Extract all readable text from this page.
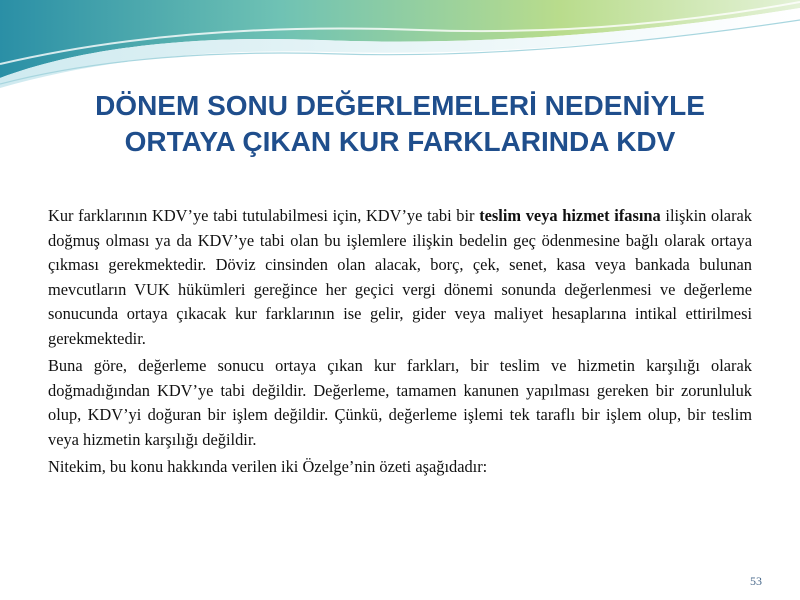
DÖNEM SONU DEĞERLEMELERİ NEDENİYLE
ORTAYA ÇIKAN KUR FARKLARINDA KDV

Kur farklarının KDV’ye tabi tutulabilmesi için, KDV’ye tabi bir teslim veya hizmet ifasına ilişkin olarak doğmuş olması ya da KDV’ye tabi olan bu işlemlere ilişkin bedelin geç ödenmesine bağlı olarak ortaya çıkması gerekmektedir. Döviz cinsinden olan alacak, borç, çek, senet, kasa veya bankada bulunan mevcutların VUK hükümleri gereğince her geçici vergi dönemi sonunda değerlenmesi ve değerleme sonucunda ortaya çıkacak kur farklarının ise gelir, gider veya maliyet hesaplarına intikal ettirilmesi gerekmektedir.

Buna göre, değerleme sonucu ortaya çıkan kur farkları, bir teslim ve hizmetin karşılığı olarak doğmadığından KDV’ye tabi değildir. Değerleme, tamamen kanunen yapılması gereken bir zorunluluk olup, KDV’yi doğuran bir işlem değildir. Çünkü, değerleme işlemi tek taraflı bir işlem olup, bir teslim veya hizmetin karşılığı değildir.

Nitekim, bu konu hakkında verilen iki Özelge’nin özeti aşağıdadır:

53
